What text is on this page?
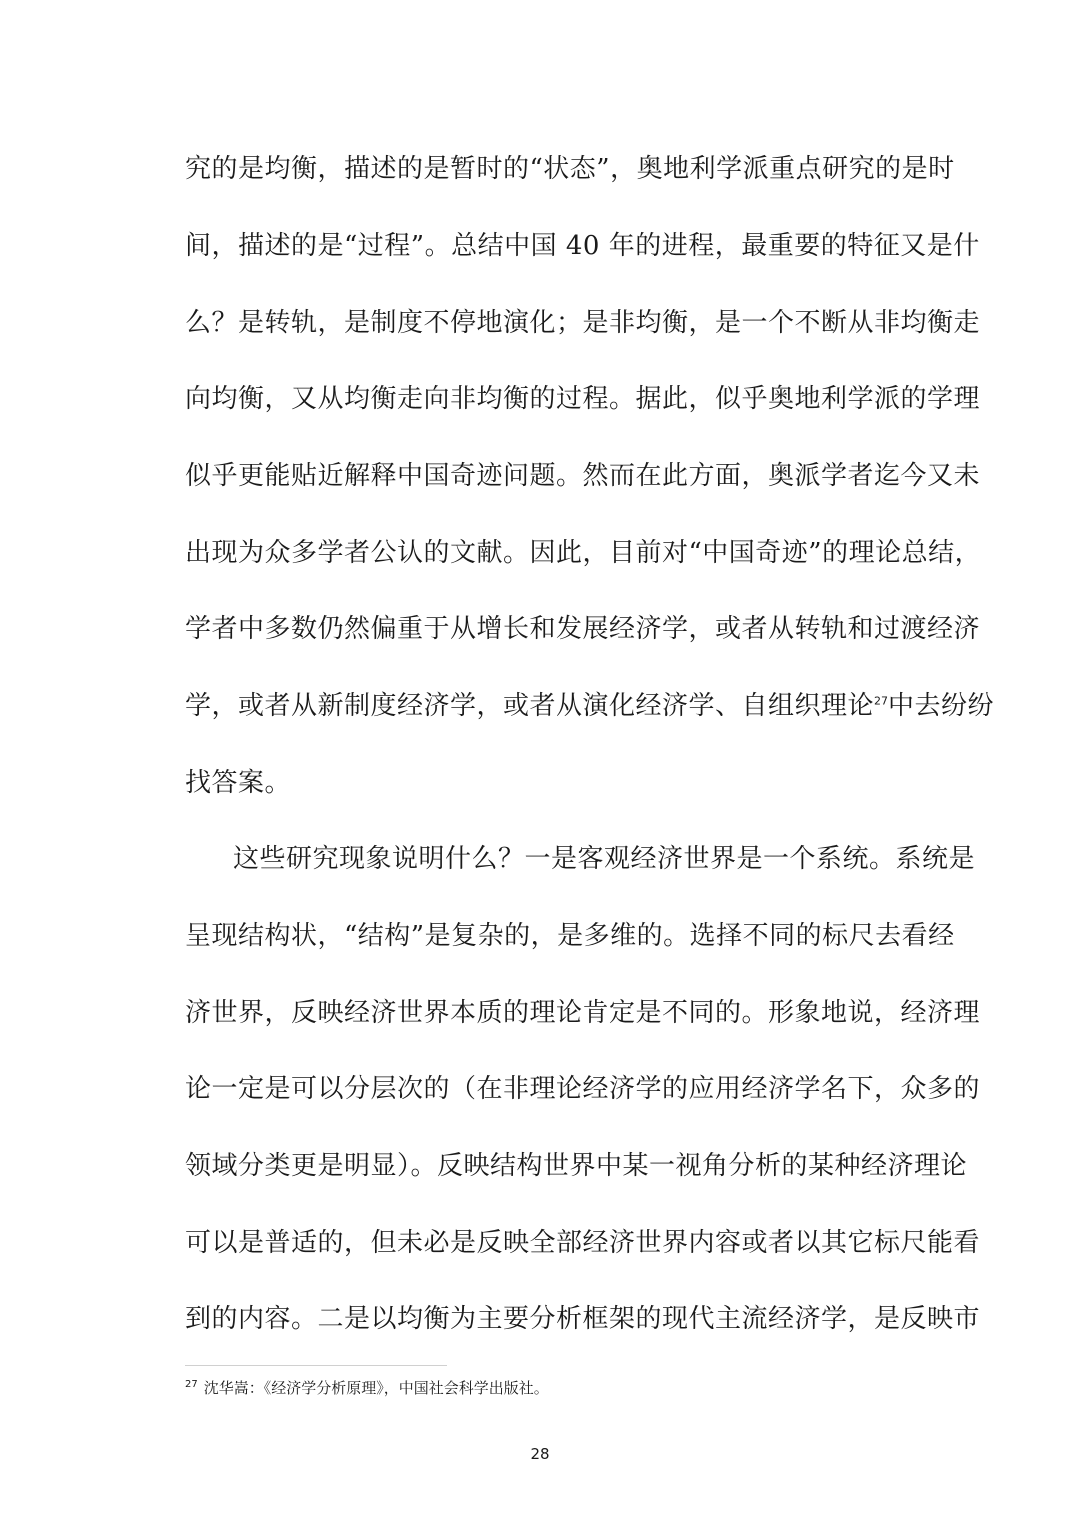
究的是均衡，描述的是暂时的“状态”，奥地利学派重点研究的是时
间，描述的是“过程”。总结中国 40 年的进程，最重要的特征又是什
么？是转轨，是制度不停地演化；是非均衡，是一个不断从非均衡走
向均衡，又从均衡走向非均衡的过程。据此，似乎奥地利学派的学理
似乎更能贴近解释中国奇迹问题。然而在此方面，奥派学者迄今又未
出现为众多学者公认的文献。因此，目前对“中国奇迹”的理论总结，
学者中多数仍然偏重于从增长和发展经济学，或者从转轨和过渡经济
学，或者从新制度经济学，或者从演化经济学、自组织理论$^{27}$中去纷纷
找答案。
这些研究现象说明什么？一是客观经济世界是一个系统。系统是
呈现结构状，“结构”是复杂的，是多维的。选择不同的标尺去看经
济世界，反映经济世界本质的理论肯定是不同的。形象地说，经济理
论一定是可以分层次的（在非理论经济学的应用经济学名下，众多的
领域分类更是明显）。反映结构世界中某一视角分析的某种经济理论
可以是普适的，但未必是反映全部经济世界内容或者以其它标尺能看
到的内容。二是以均衡为主要分析框架的现代主流经济学，是反映市
$^{27}$ 沈华嵩：《经济学分析原理》，中国社会科学出版社。
28
